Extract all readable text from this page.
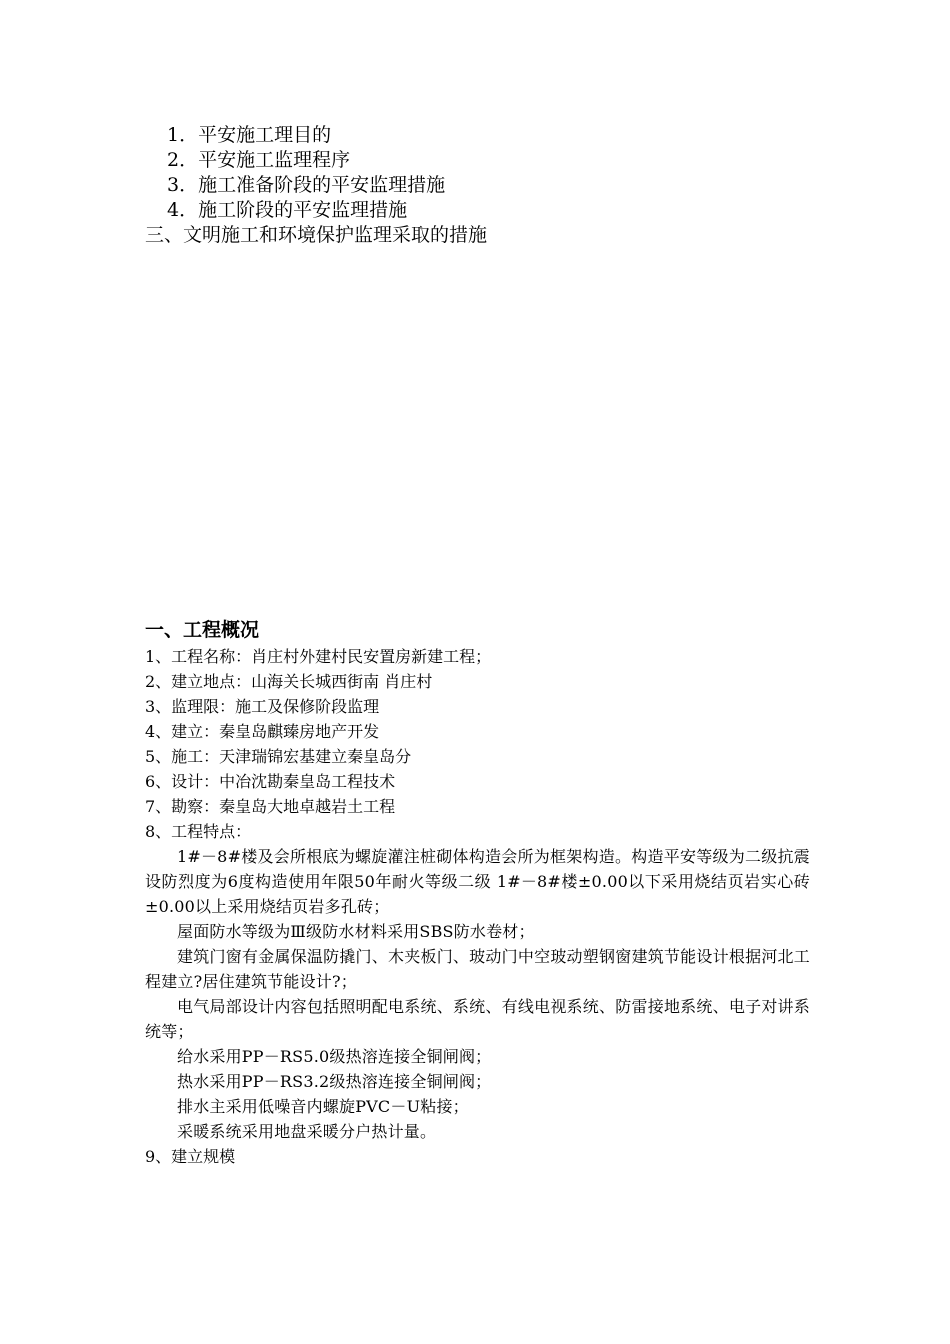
1．平安施工理目的
2．平安施工监理程序
3．施工准备阶段的平安监理措施
4．施工阶段的平安监理措施
三、文明施工和环境保护监理采取的措施
一、工程概况
1、工程名称：肖庄村外建村民安置房新建工程；
2、建立地点：山海关长城西街南 肖庄村
3、监理限：施工及保修阶段监理
4、建立：秦皇岛麒臻房地产开发
5、施工：天津瑞锦宏基建立秦皇岛分
6、设计：中冶沈勘秦皇岛工程技术
7、勘察：秦皇岛大地卓越岩土工程
8、工程特点：
1#－8#楼及会所根底为螺旋灌注桩砌体构造会所为框架构造。构造平安等级为二级抗震设防烈度为6度构造使用年限50年耐火等级二级 1#－8#楼±0.00以下采用烧结页岩实心砖±0.00以上采用烧结页岩多孔砖；
屋面防水等级为Ⅲ级防水材料采用SBS防水卷材；
建筑门窗有金属保温防撬门、木夹板门、玻动门中空玻动塑钢窗建筑节能设计根据河北工程建立?居住建筑节能设计?；
电气局部设计内容包括照明配电系统、系统、有线电视系统、防雷接地系统、电子对讲系统等；
给水采用PP－RS5.0级热溶连接全铜闸阀；
热水采用PP－RS3.2级热溶连接全铜闸阀；
排水主采用低噪音内螺旋PVC－U粘接；
采暖系统采用地盘采暖分户热计量。
9、建立规模
